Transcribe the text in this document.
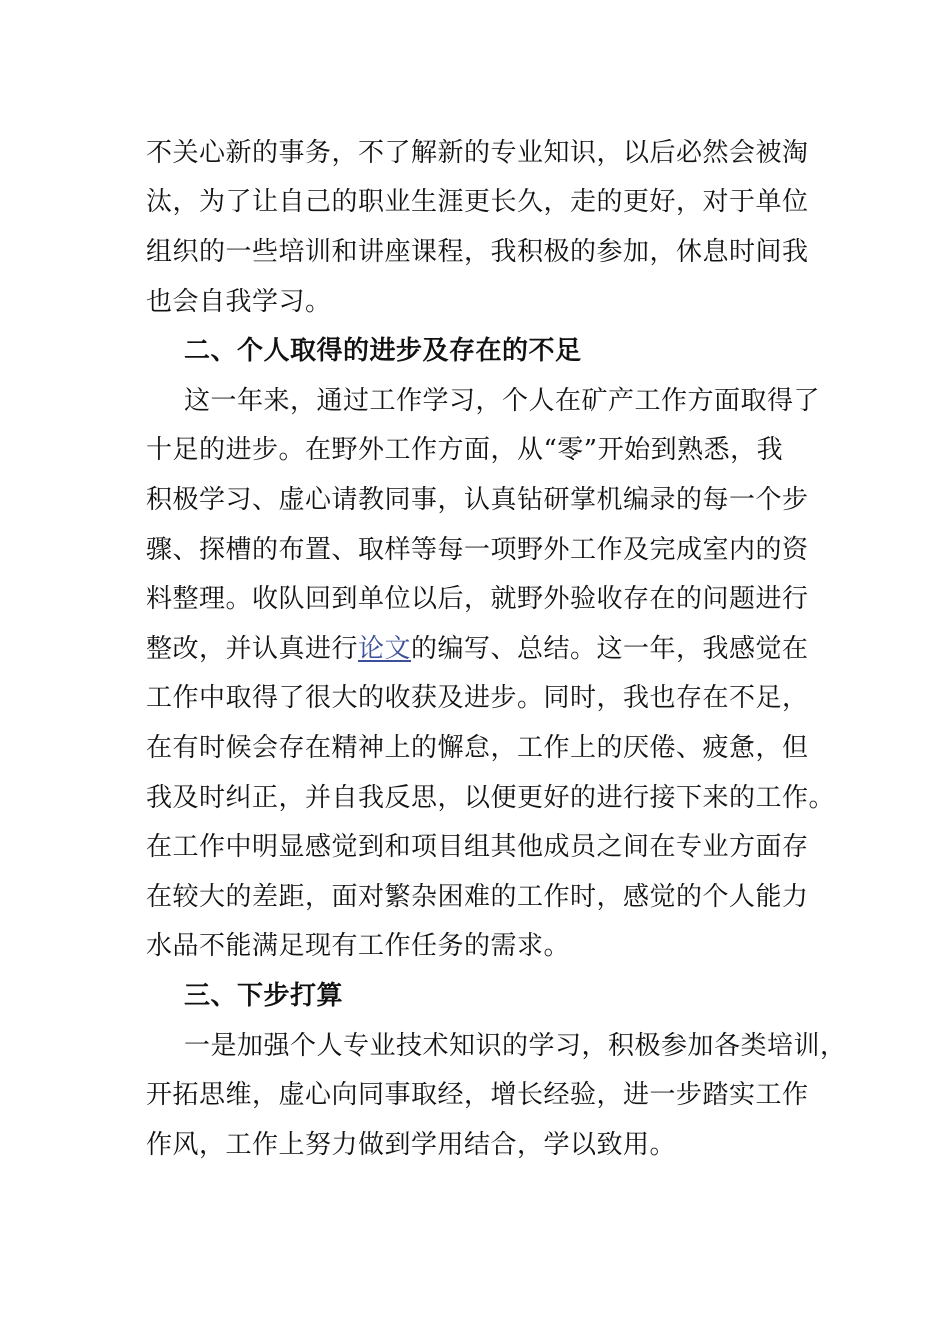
不关心新的事务，不了解新的专业知识，以后必然会被淘
汰，为了让自己的职业生涯更长久，走的更好，对于单位
组织的一些培训和讲座课程，我积极的参加，休息时间我
也会自我学习。
二、个人取得的进步及存在的不足
这一年来，通过工作学习，个人在矿产工作方面取得了
十足的进步。在野外工作方面，从“零”开始到熟悉，我
积极学习、虚心请教同事，认真钻研掌机编录的每一个步
骤、探槽的布置、取样等每一项野外工作及完成室内的资
料整理。收队回到单位以后，就野外验收存在的问题进行
整改，并认真进行论文的编写、总结。这一年，我感觉在
工作中取得了很大的收获及进步。同时，我也存在不足，
在有时候会存在精神上的懈怠，工作上的厌倦、疲惫，但
我及时纠正，并自我反思，以便更好的进行接下来的工作。
在工作中明显感觉到和项目组其他成员之间在专业方面存
在较大的差距，面对繁杂困难的工作时，感觉的个人能力
水品不能满足现有工作任务的需求。
三、下步打算
一是加强个人专业技术知识的学习，积极参加各类培训，
开拓思维，虚心向同事取经，增长经验，进一步踏实工作
作风，工作上努力做到学用结合，学以致用。
